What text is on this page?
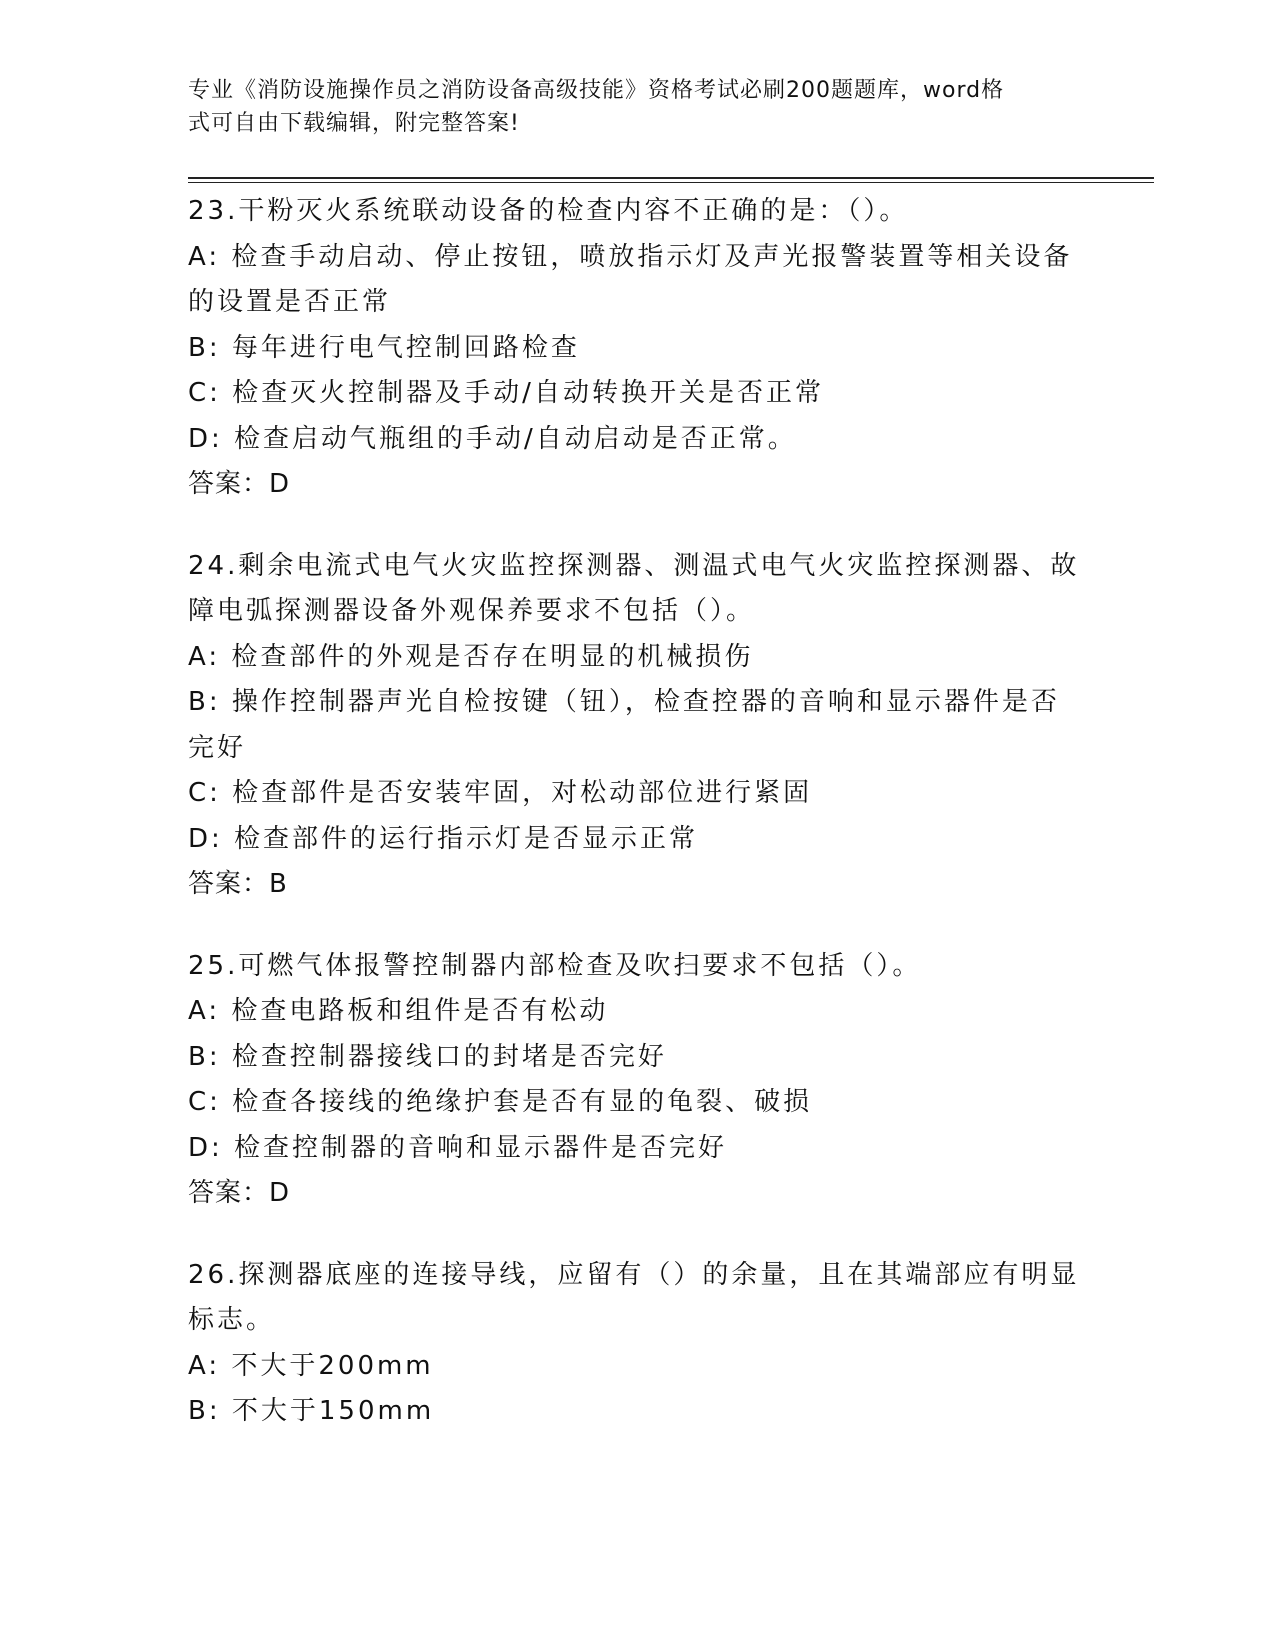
专业《消防设施操作员之消防设备高级技能》资格考试必刷200题题库，word格
式可自由下载编辑，附完整答案!
23.干粉灭火系统联动设备的检查内容不正确的是：（）。
A: 检查手动启动、停止按钮，喷放指示灯及声光报警装置等相关设备
的设置是否正常
B: 每年进行电气控制回路检查
C: 检查灭火控制器及手动/自动转换开关是否正常
D: 检查启动气瓶组的手动/自动启动是否正常。
答案：D
24.剩余电流式电气火灾监控探测器、测温式电气火灾监控探测器、故
障电弧探测器设备外观保养要求不包括（）。
A: 检查部件的外观是否存在明显的机械损伤
B: 操作控制器声光自检按键（钮），检查控器的音响和显示器件是否
完好
C: 检查部件是否安装牢固，对松动部位进行紧固
D: 检查部件的运行指示灯是否显示正常
答案：B
25.可燃气体报警控制器内部检查及吹扫要求不包括（）。
A: 检查电路板和组件是否有松动
B: 检查控制器接线口的封堵是否完好
C: 检查各接线的绝缘护套是否有显的龟裂、破损
D: 检查控制器的音响和显示器件是否完好
答案：D
26.探测器底座的连接导线，应留有（）的余量，且在其端部应有明显
标志。
A: 不大于200mm
B: 不大于150mm
